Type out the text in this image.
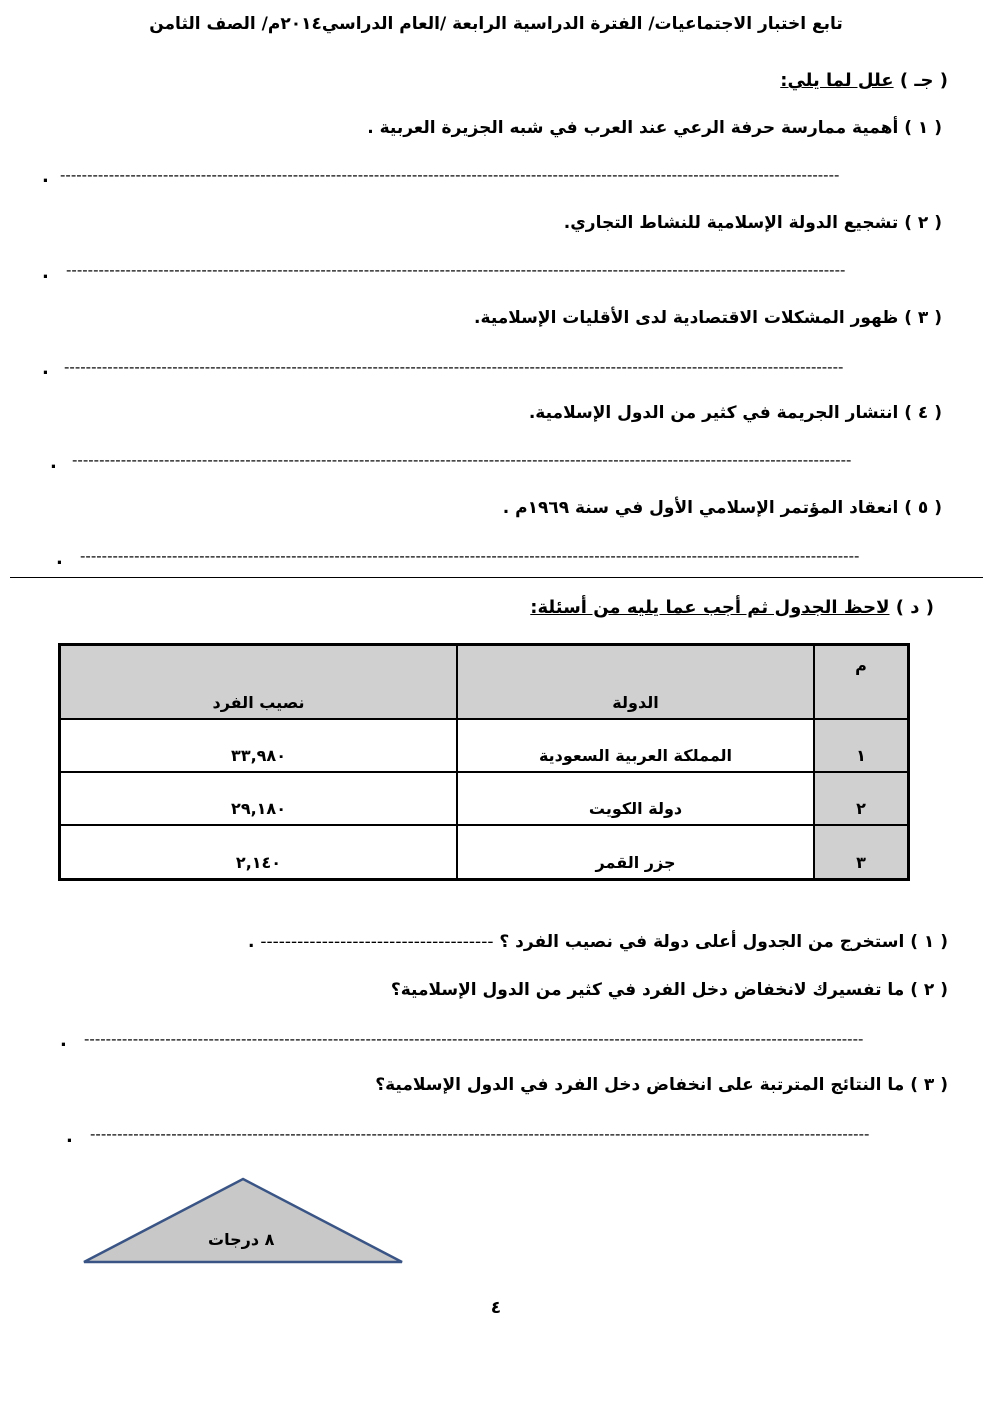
تابع اختبار الاجتماعيات/ الفترة الدراسية الرابعة /العام الدراسي٢٠١٤م/ الصف الثامن
( جـ ) علل لما يلي:
( ١ ) أهمية ممارسة حرفة الرعي عند العرب في شبه الجزيرة العربية .
------------------------------------------------------------------------------------------------------------------------------------------------
.
( ٢ ) تشجيع الدولة الإسلامية للنشاط التجاري.
------------------------------------------------------------------------------------------------------------------------------------------------
.
( ٣ ) ظهور المشكلات الاقتصادية لدى الأقليات الإسلامية.
------------------------------------------------------------------------------------------------------------------------------------------------
.
( ٤ ) انتشار الجريمة في كثير من الدول الإسلامية.
------------------------------------------------------------------------------------------------------------------------------------------------
.
( ٥ ) انعقاد المؤتمر الإسلامي الأول في سنة ١٩٦٩م .
------------------------------------------------------------------------------------------------------------------------------------------------
.
( د ) لاحظ الجدول ثم أجب عما يليه من أسئلة:
م	الدولة	نصيب الفرد
١	المملكة العربية السعودية	٣٣,٩٨٠
٢	دولة الكويت	٢٩,١٨٠
٣	جزر القمر	٢,١٤٠
( ١ ) استخرج من الجدول أعلى دولة في نصيب الفرد ؟ -------------------------------------- .
( ٢ ) ما تفسيرك لانخفاض دخل الفرد في كثير من الدول الإسلامية؟
------------------------------------------------------------------------------------------------------------------------------------------------
.
( ٣ ) ما النتائج المترتبة على انخفاض دخل الفرد في الدول الإسلامية؟
------------------------------------------------------------------------------------------------------------------------------------------------
.
٨ درجات
٤
